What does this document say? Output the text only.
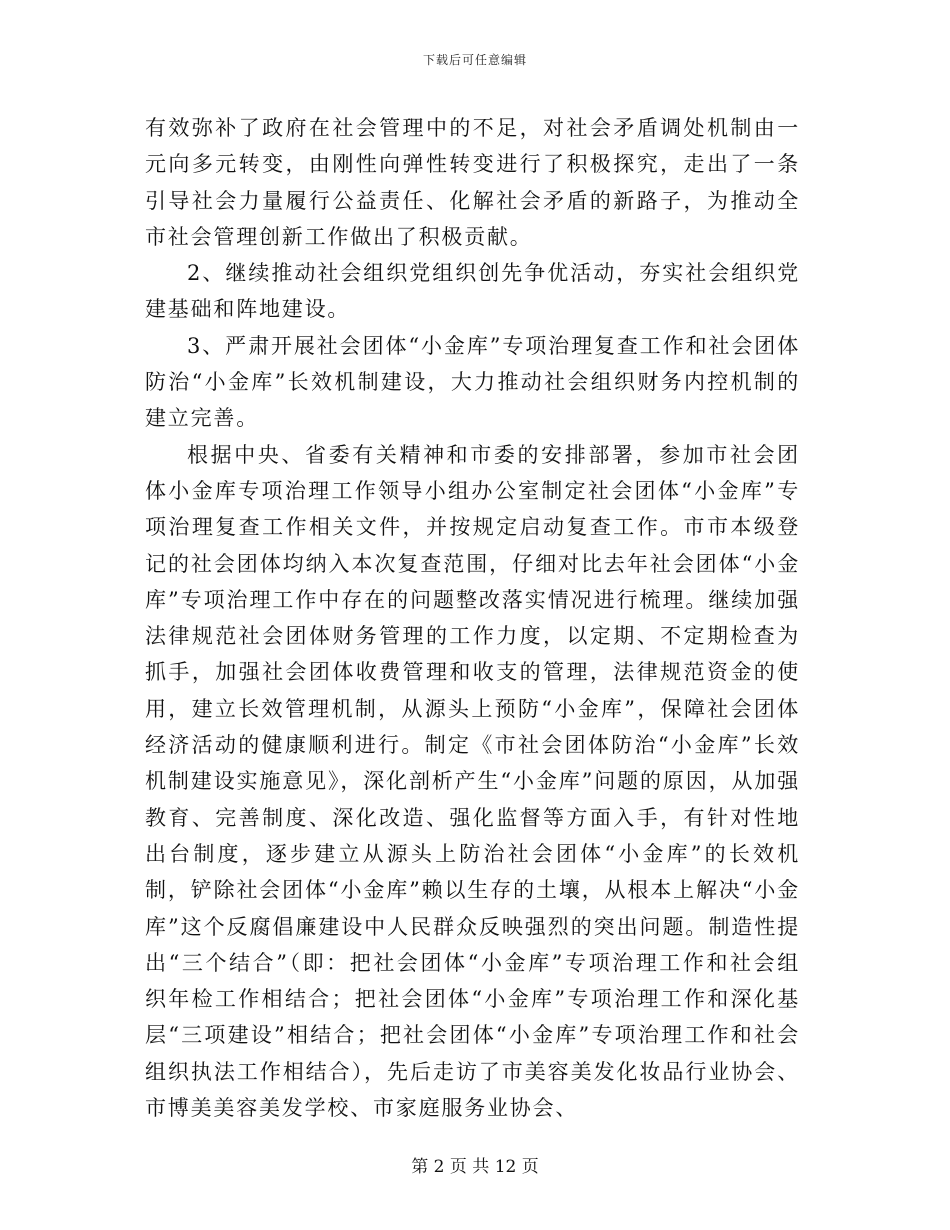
下载后可任意编辑

有效弥补了政府在社会管理中的不足，对社会矛盾调处机制由一元向多元转变，由刚性向弹性转变进行了积极探究，走出了一条引导社会力量履行公益责任、化解社会矛盾的新路子，为推动全市社会管理创新工作做出了积极贡献。

2、继续推动社会组织党组织创先争优活动，夯实社会组织党建基础和阵地建设。

3、严肃开展社会团体“小金库”专项治理复查工作和社会团体防治“小金库”长效机制建设，大力推动社会组织财务内控机制的建立完善。

根据中央、省委有关精神和市委的安排部署，参加市社会团体小金库专项治理工作领导小组办公室制定社会团体“小金库”专项治理复查工作相关文件，并按规定启动复查工作。市市本级登记的社会团体均纳入本次复查范围，仔细对比去年社会团体“小金库”专项治理工作中存在的问题整改落实情况进行梳理。继续加强法律规范社会团体财务管理的工作力度，以定期、不定期检查为抓手，加强社会团体收费管理和收支的管理，法律规范资金的使用，建立长效管理机制，从源头上预防“小金库”，保障社会团体经济活动的健康顺利进行。制定《市社会团体防治“小金库”长效机制建设实施意见》，深化剖析产生“小金库”问题的原因，从加强教育、完善制度、深化改造、强化监督等方面入手，有针对性地出台制度，逐步建立从源头上防治社会团体“小金库”的长效机制，铲除社会团体“小金库”赖以生存的土壤，从根本上解决“小金库”这个反腐倡廉建设中人民群众反映强烈的突出问题。制造性提出“三个结合”（即：把社会团体“小金库”专项治理工作和社会组织年检工作相结合；把社会团体“小金库”专项治理工作和深化基层“三项建设”相结合；把社会团体“小金库”专项治理工作和社会组织执法工作相结合），先后走访了市美容美发化妆品行业协会、市博美美容美发学校、市家庭服务业协会、

第 2 页 共 12 页
